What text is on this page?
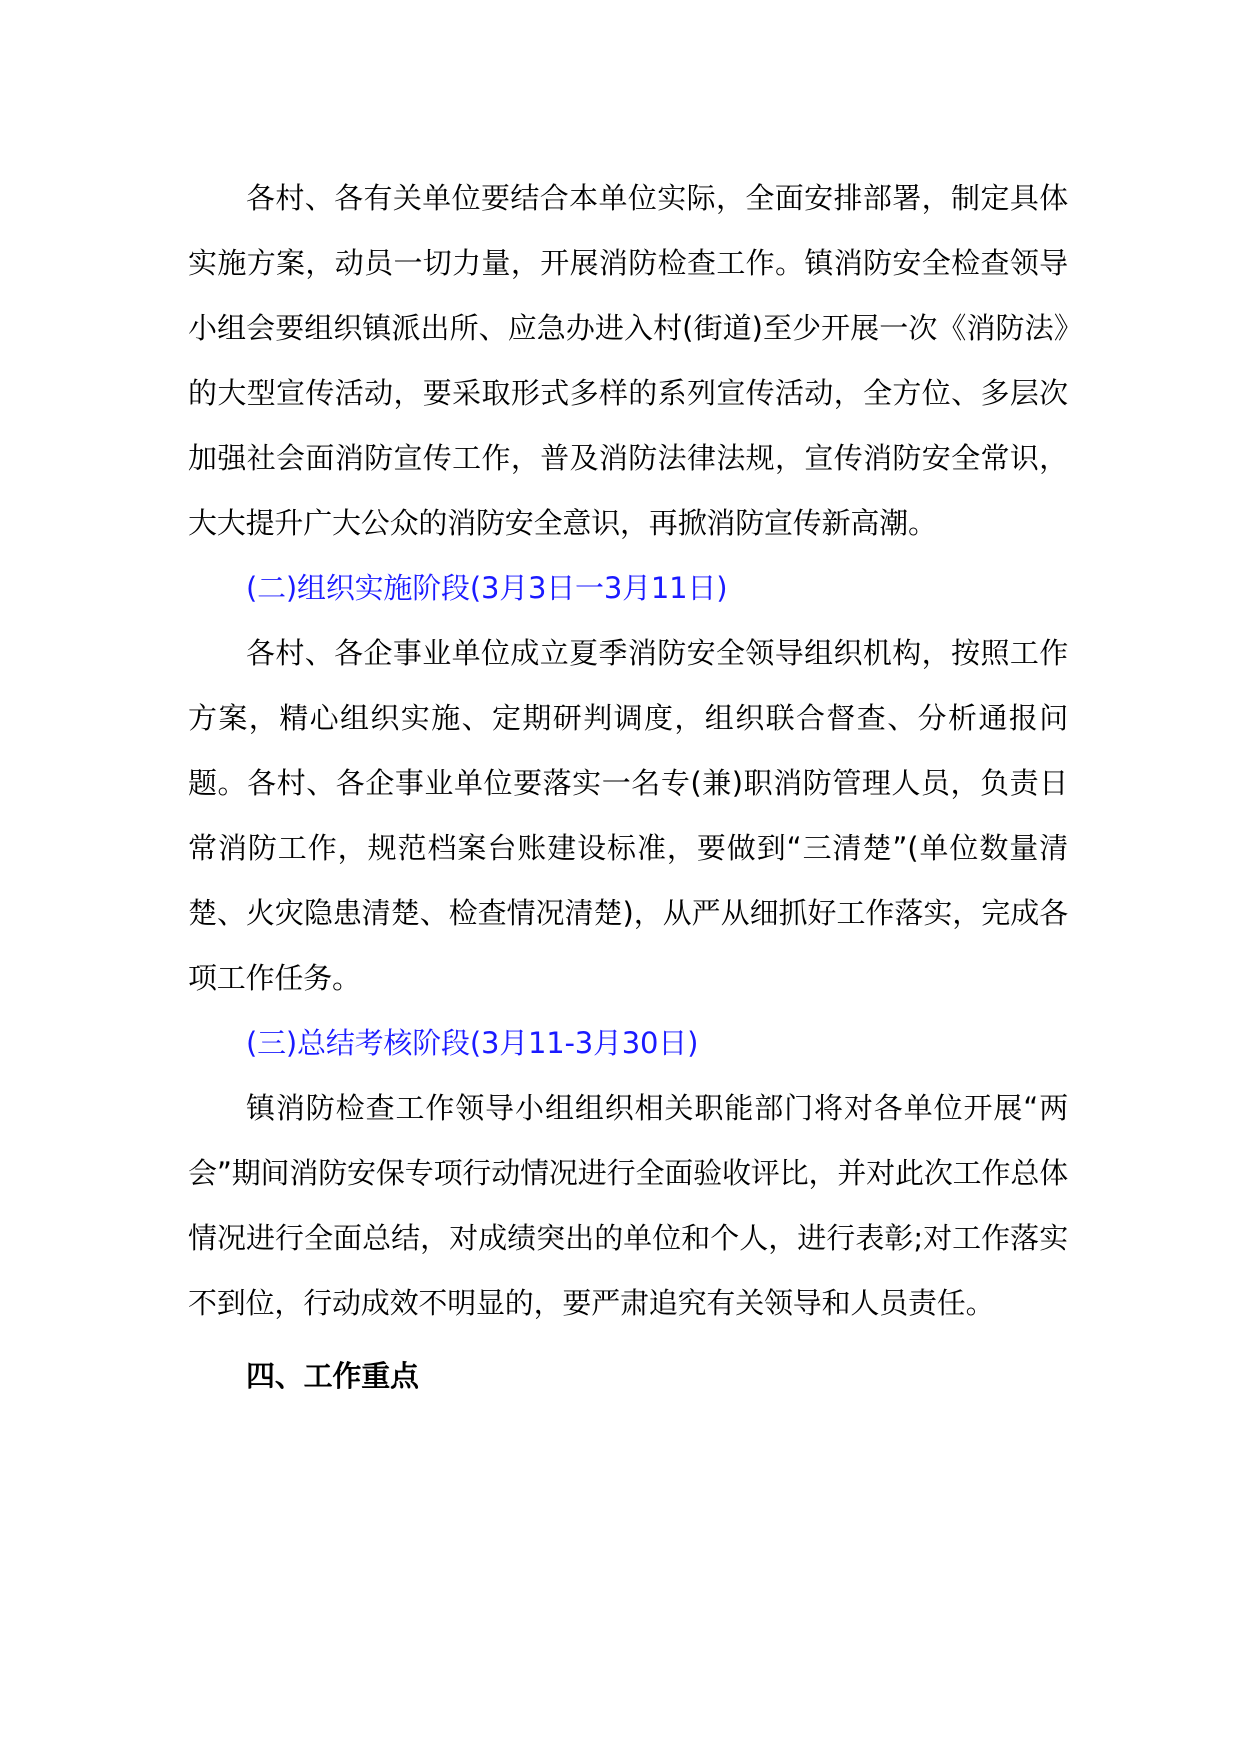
各村、各有关单位要结合本单位实际，全面安排部署，制定具体实施方案，动员一切力量，开展消防检查工作。镇消防安全检查领导小组会要组织镇派出所、应急办进入村(街道)至少开展一次《消防法》的大型宣传活动，要采取形式多样的系列宣传活动，全方位、多层次加强社会面消防宣传工作，普及消防法律法规，宣传消防安全常识，大大提升广大公众的消防安全意识，再掀消防宣传新高潮。

(二)组织实施阶段(3月3日一3月11日)

各村、各企事业单位成立夏季消防安全领导组织机构，按照工作方案，精心组织实施、定期研判调度，组织联合督查、分析通报问题。各村、各企事业单位要落实一名专(兼)职消防管理人员，负责日常消防工作，规范档案台账建设标准，要做到“三清楚”(单位数量清楚、火灾隐患清楚、检查情况清楚)，从严从细抓好工作落实，完成各项工作任务。

(三)总结考核阶段(3月11-3月30日)

镇消防检查工作领导小组组织相关职能部门将对各单位开展“两会”期间消防安保专项行动情况进行全面验收评比，并对此次工作总体情况进行全面总结，对成绩突出的单位和个人，进行表彰;对工作落实不到位，行动成效不明显的，要严肃追究有关领导和人员责任。

四、工作重点
